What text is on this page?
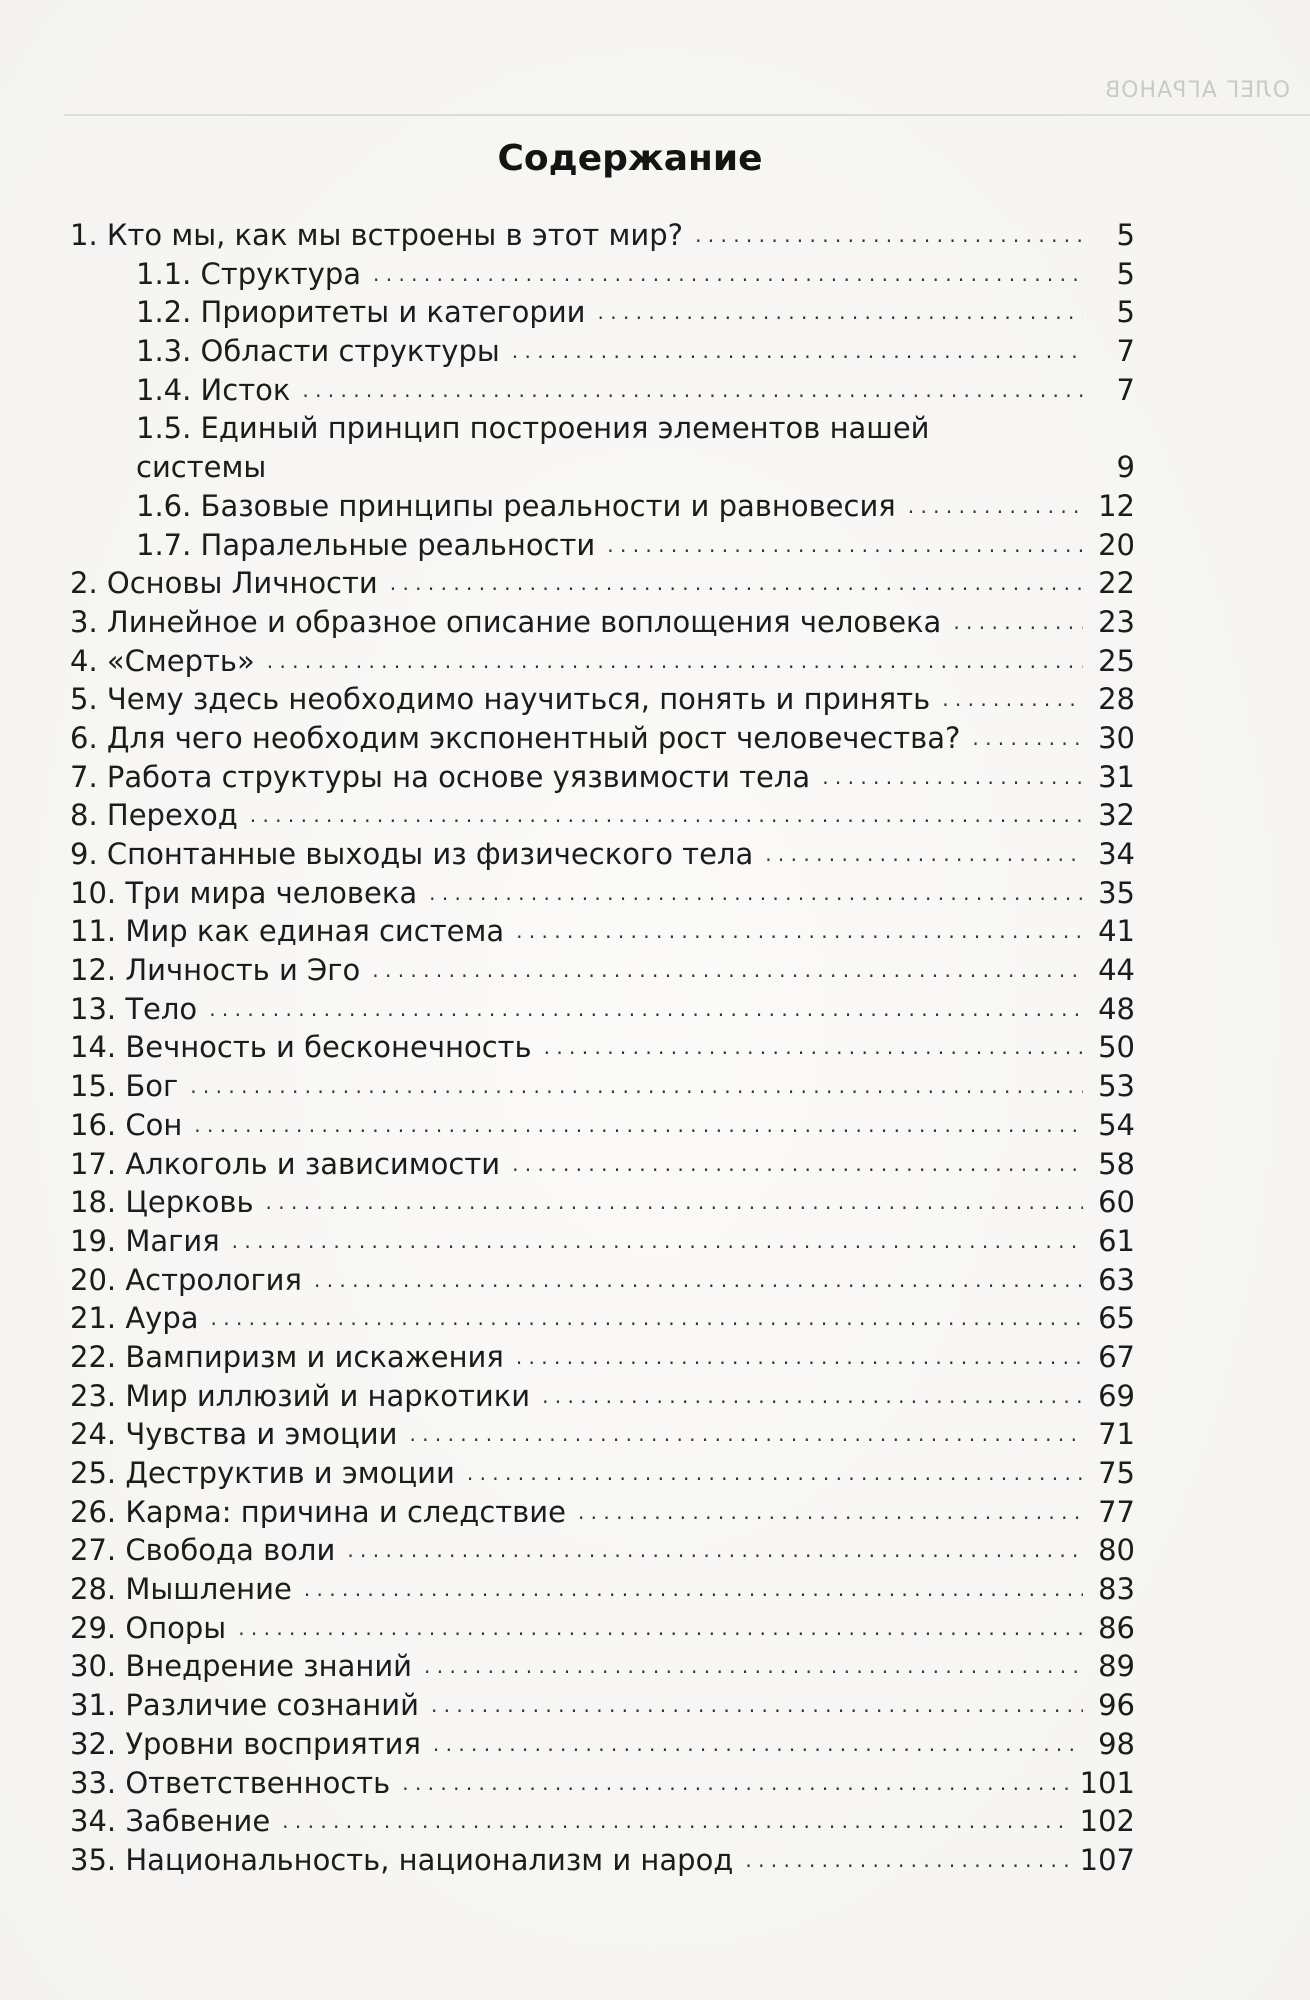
ОЛЕГ АГРАНОВ
Содержание
1. Кто мы, как мы встроены в этот мир? . . .	5
1.1. Структура . . .	5
1.2. Приоритеты и категории . . .	5
1.3. Области структуры . . .	7
1.4. Исток . . .	7
1.5. Единый принцип построения элементов нашей системы	9
1.6. Базовые принципы реальности и равновесия . . .	12
1.7. Паралельные реальности . . .	20
2. Основы Личности . . .	22
3. Линейное и образное описание воплощения человека . . .	23
4. «Смерть» . . .	25
5. Чему здесь необходимо научиться, понять и принять . . .	28
6. Для чего необходим экспонентный рост человечества? . . .	30
7. Работа структуры на основе уязвимости тела . . .	31
8. Переход . . .	32
9. Спонтанные выходы из физического тела . . .	34
10. Три мира человека . . .	35
11. Мир как единая система . . .	41
12. Личность и Эго . . .	44
13. Тело . . .	48
14. Вечность и бесконечность . . .	50
15. Бог . . .	53
16. Сон . . .	54
17. Алкоголь и зависимости . . .	58
18. Церковь . . .	60
19. Магия . . .	61
20. Астрология . . .	63
21. Аура . . .	65
22. Вампиризм и искажения . . .	67
23. Мир иллюзий и наркотики . . .	69
24. Чувства и эмоции . . .	71
25. Деструктив и эмоции . . .	75
26. Карма: причина и следствие . . .	77
27. Свобода воли . . .	80
28. Мышление . . .	83
29. Опоры . . .	86
30. Внедрение знаний . . .	89
31. Различие сознаний . . .	96
32. Уровни восприятия . . .	98
33. Ответственность . . .	101
34. Забвение . . .	102
35. Национальность, национализм и народ . . .	107
